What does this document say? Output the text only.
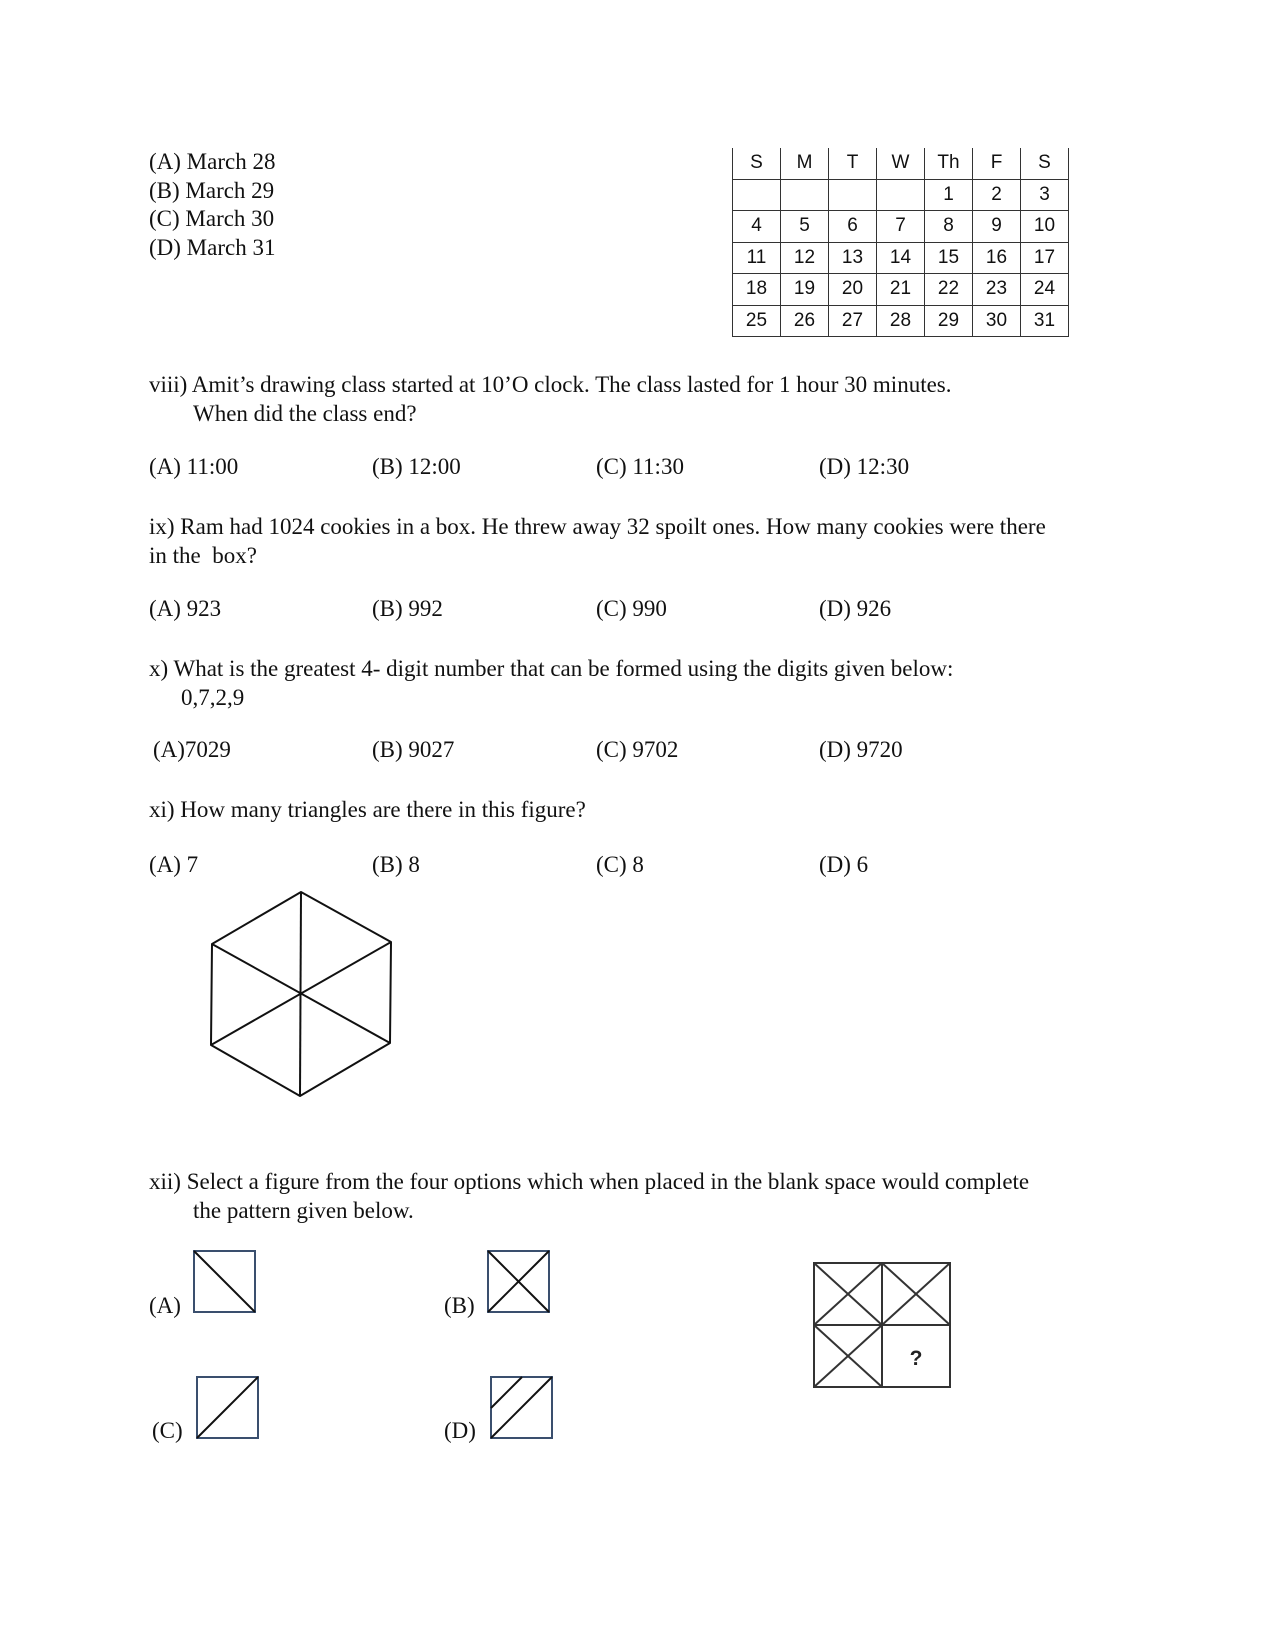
(A) March 28
(B) March 29
(C) March 30
(D) March 31
S	M	T	W	Th	F	S
				1	2	3
4	5	6	7	8	9	10
11	12	13	14	15	16	17
18	19	20	21	22	23	24
25	26	27	28	29	30	31
viii) Amit’s drawing class started at 10’O clock. The class lasted for 1 hour 30 minutes.
When did the class end?
(A) 11:00	(B) 12:00	(C) 11:30	(D) 12:30
ix) Ram had 1024 cookies in a box. He threw away 32 spoilt ones. How many cookies were there
in the  box?
(A) 923	(B) 992	(C) 990	(D) 926
x) What is the greatest 4- digit number that can be formed using the digits given below:
0,7,2,9
(A)7029	(B) 9027	(C) 9702	(D) 9720
xi) How many triangles are there in this figure?
(A) 7	(B) 8	(C) 8	(D) 6
xii) Select a figure from the four options which when placed in the blank space would complete
the pattern given below.
(A)	(B)
(C)	(D)
?
